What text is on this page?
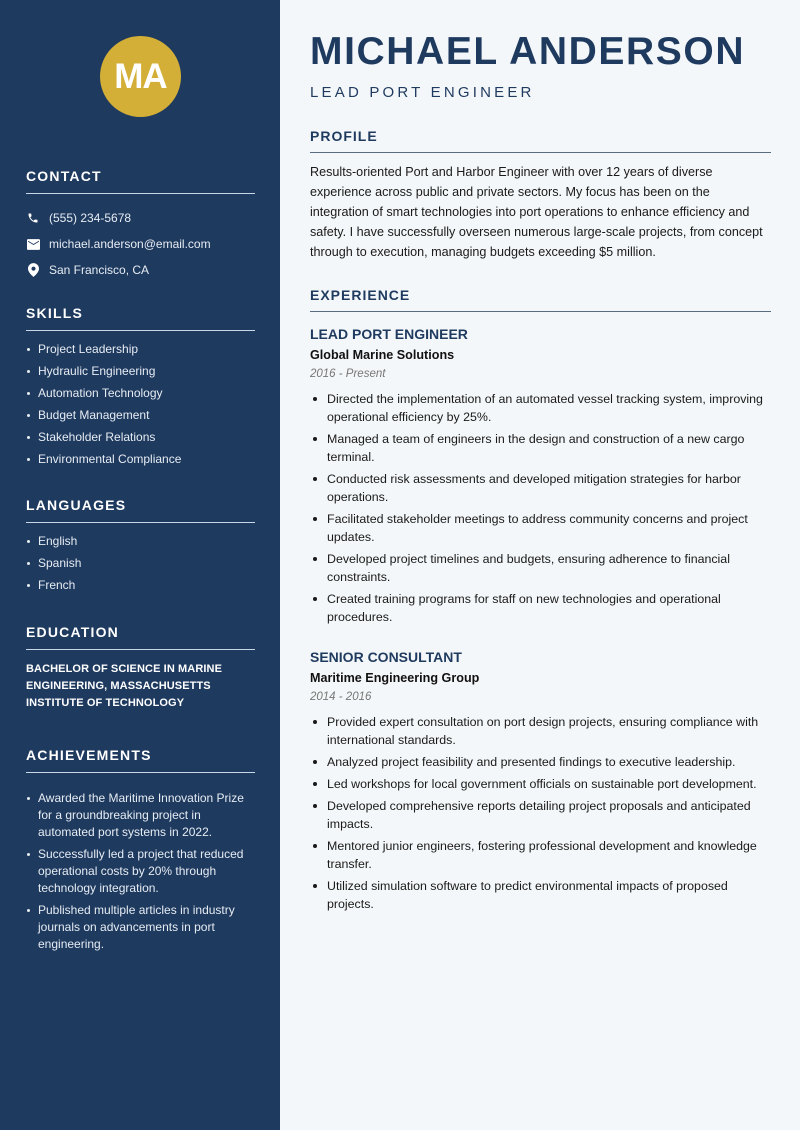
MA
CONTACT
(555) 234-5678
michael.anderson@email.com
San Francisco, CA
SKILLS
Project Leadership
Hydraulic Engineering
Automation Technology
Budget Management
Stakeholder Relations
Environmental Compliance
LANGUAGES
English
Spanish
French
EDUCATION

BACHELOR OF SCIENCE IN MARINE ENGINEERING, MASSACHUSETTS INSTITUTE OF TECHNOLOGY

ACHIEVEMENTS
Awarded the Maritime Innovation Prize for a groundbreaking project in automated port systems in 2022.
Successfully led a project that reduced operational costs by 20% through technology integration.
Published multiple articles in industry journals on advancements in port engineering.
MICHAEL ANDERSON
LEAD PORT ENGINEER
PROFILE

Results-oriented Port and Harbor Engineer with over 12 years of diverse experience across public and private sectors. My focus has been on the integration of smart technologies into port operations to enhance efficiency and safety. I have successfully overseen numerous large-scale projects, from concept through to execution, managing budgets exceeding $5 million.

EXPERIENCE
LEAD PORT ENGINEER
Global Marine Solutions
2016 - Present
Directed the implementation of an automated vessel tracking system, improving operational efficiency by 25%.
Managed a team of engineers in the design and construction of a new cargo terminal.
Conducted risk assessments and developed mitigation strategies for harbor operations.
Facilitated stakeholder meetings to address community concerns and project updates.
Developed project timelines and budgets, ensuring adherence to financial constraints.
Created training programs for staff on new technologies and operational procedures.
SENIOR CONSULTANT
Maritime Engineering Group
2014 - 2016
Provided expert consultation on port design projects, ensuring compliance with international standards.
Analyzed project feasibility and presented findings to executive leadership.
Led workshops for local government officials on sustainable port development.
Developed comprehensive reports detailing project proposals and anticipated impacts.
Mentored junior engineers, fostering professional development and knowledge transfer.
Utilized simulation software to predict environmental impacts of proposed projects.
